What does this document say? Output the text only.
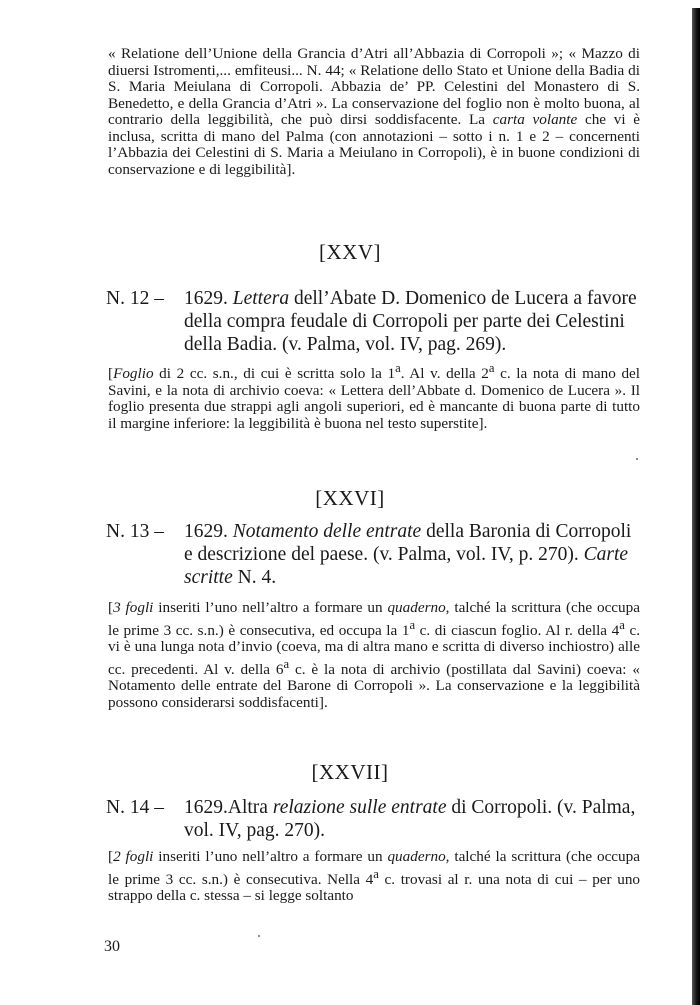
« Relatione dell’Unione della Grancia d’Atri all’Abbazia di Corropoli »; « Mazzo di diuersi Istromenti,... emfiteusi... N. 44; « Relatione dello Stato et Unione della Badia di S. Maria Meiulana di Corropoli. Abbazia de’ PP. Celestini del Monastero di S. Benedetto, e della Grancia d’Atri ». La conservazione del foglio non è molto buona, al contrario della leggibilità, che può dirsi soddisfacente. La carta volante che vi è inclusa, scritta di mano del Palma (con annotazioni – sotto i n. 1 e 2 – concernenti l’Abbazia dei Celestini di S. Maria a Meiulano in Corropoli), è in buone condizioni di conservazione e di leggibilità].

[XXV]

N. 12 – 1629. Lettera dell’Abate D. Domenico de Lucera a favore della compra feudale di Corropoli per parte dei Celestini della Badia. (v. Palma, vol. IV, pag. 269).

[Foglio di 2 cc. s.n., di cui è scritta solo la 1$^a$. Al v. della 2$^a$ c. la nota di mano del Savini, e la nota di archivio coeva: « Lettera dell’Abbate d. Domenico de Lucera ». Il foglio presenta due strappi agli angoli superiori, ed è mancante di buona parte di tutto il margine inferiore: la leggibilità è buona nel testo superstite].

[XXVI]

N. 13 – 1629. Notamento delle entrate della Baronia di Corropoli e descrizione del paese. (v. Palma, vol. IV, p. 270). Carte scritte N. 4.

[3 fogli inseriti l’uno nell’altro a formare un quaderno, talché la scrittura (che occupa le prime 3 cc. s.n.) è consecutiva, ed occupa la 1$^a$ c. di ciascun foglio. Al r. della 4$^a$ c. vi è una lunga nota d’invio (coeva, ma di altra mano e scritta di diverso inchiostro) alle cc. precedenti. Al v. della 6$^a$ c. è la nota di archivio (postillata dal Savini) coeva: « Notamento delle entrate del Barone di Corropoli ». La conservazione e la leggibilità possono considerarsi soddisfacenti].

[XXVII]

N. 14 – 1629.Altra relazione sulle entrate di Corropoli. (v. Palma, vol. IV, pag. 270).

[2 fogli inseriti l’uno nell’altro a formare un quaderno, talché la scrittura (che occupa le prime 3 cc. s.n.) è consecutiva. Nella 4$^a$ c. trovasi al r. una nota di cui – per uno strappo della c. stessa – si legge soltanto

30
